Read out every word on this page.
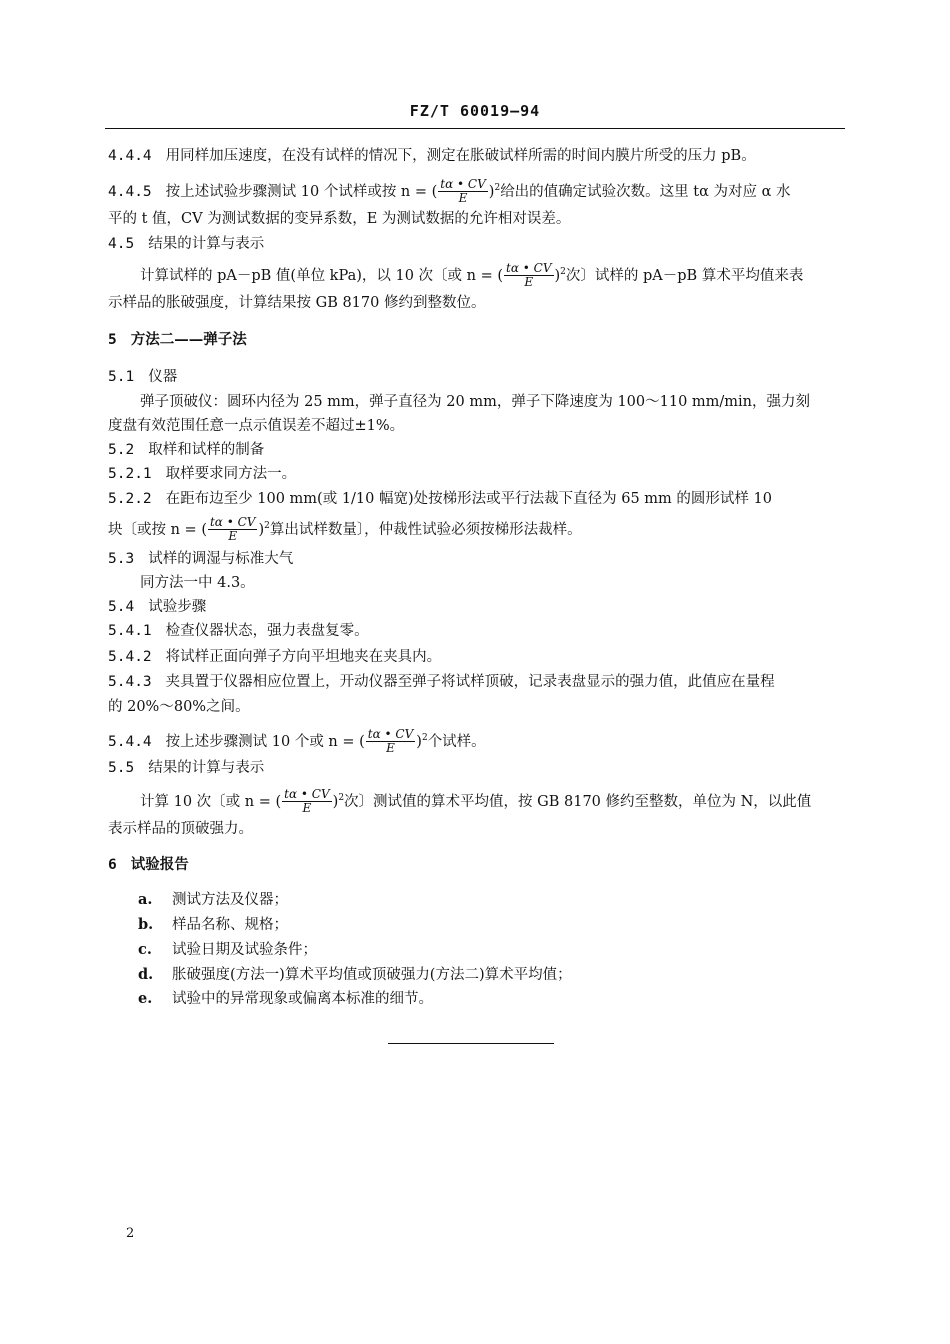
FZ/T 60019—94
4.4.4 用同样加压速度，在没有试样的情况下，测定在胀破试样所需的时间内膜片所受的压力 pB。
4.4.5 按上述试验步骤测试 10 个试样或按 n = ( $\frac{t\alpha • CV}{E} )^2$给出的值确定试验次数。这里 tα 为对应 α 水
平的 t 值，CV 为测试数据的变异系数，E 为测试数据的允许相对误差。
4.5 结果的计算与表示
计算试样的 pA－pB 值(单位 kPa)，以 10 次〔或 n = ( $\frac{t\alpha • CV}{E} )^2$次〕试样的 pA－pB 算术平均值来表
示样品的胀破强度，计算结果按 GB 8170 修约到整数位。
5 方法二——弹子法
5.1 仪器
弹子顶破仪：圆环内径为 25 mm，弹子直径为 20 mm，弹子下降速度为 100～110 mm/min，强力刻
度盘有效范围任意一点示值误差不超过±1%。
5.2 取样和试样的制备
5.2.1 取样要求同方法一。
5.2.2 在距布边至少 100 mm(或 1/10 幅宽)处按梯形法或平行法裁下直径为 65 mm 的圆形试样 10
块〔或按 n = ( $\frac{t\alpha • CV}{E} )^2$算出试样数量〕，仲裁性试验必须按梯形法裁样。
5.3 试样的调湿与标准大气
同方法一中 4.3。
5.4 试验步骤
5.4.1 检查仪器状态，强力表盘复零。
5.4.2 将试样正面向弹子方向平坦地夹在夹具内。
5.4.3 夹具置于仪器相应位置上，开动仪器至弹子将试样顶破，记录表盘显示的强力值，此值应在量程
的 20%～80%之间。
5.4.4 按上述步骤测试 10 个或 n = ( $\frac{t\alpha • CV}{E} )^2$个试样。
5.5 结果的计算与表示
计算 10 次〔或 n = ( $\frac{t\alpha • CV}{E} )^2$次〕测试值的算术平均值，按 GB 8170 修约至整数，单位为 N，以此值
表示样品的顶破强力。
6 试验报告
a. 测试方法及仪器；
b. 样品名称、规格；
c. 试验日期及试验条件；
d. 胀破强度(方法一)算术平均值或顶破强力(方法二)算术平均值；
e. 试验中的异常现象或偏离本标准的细节。
2
